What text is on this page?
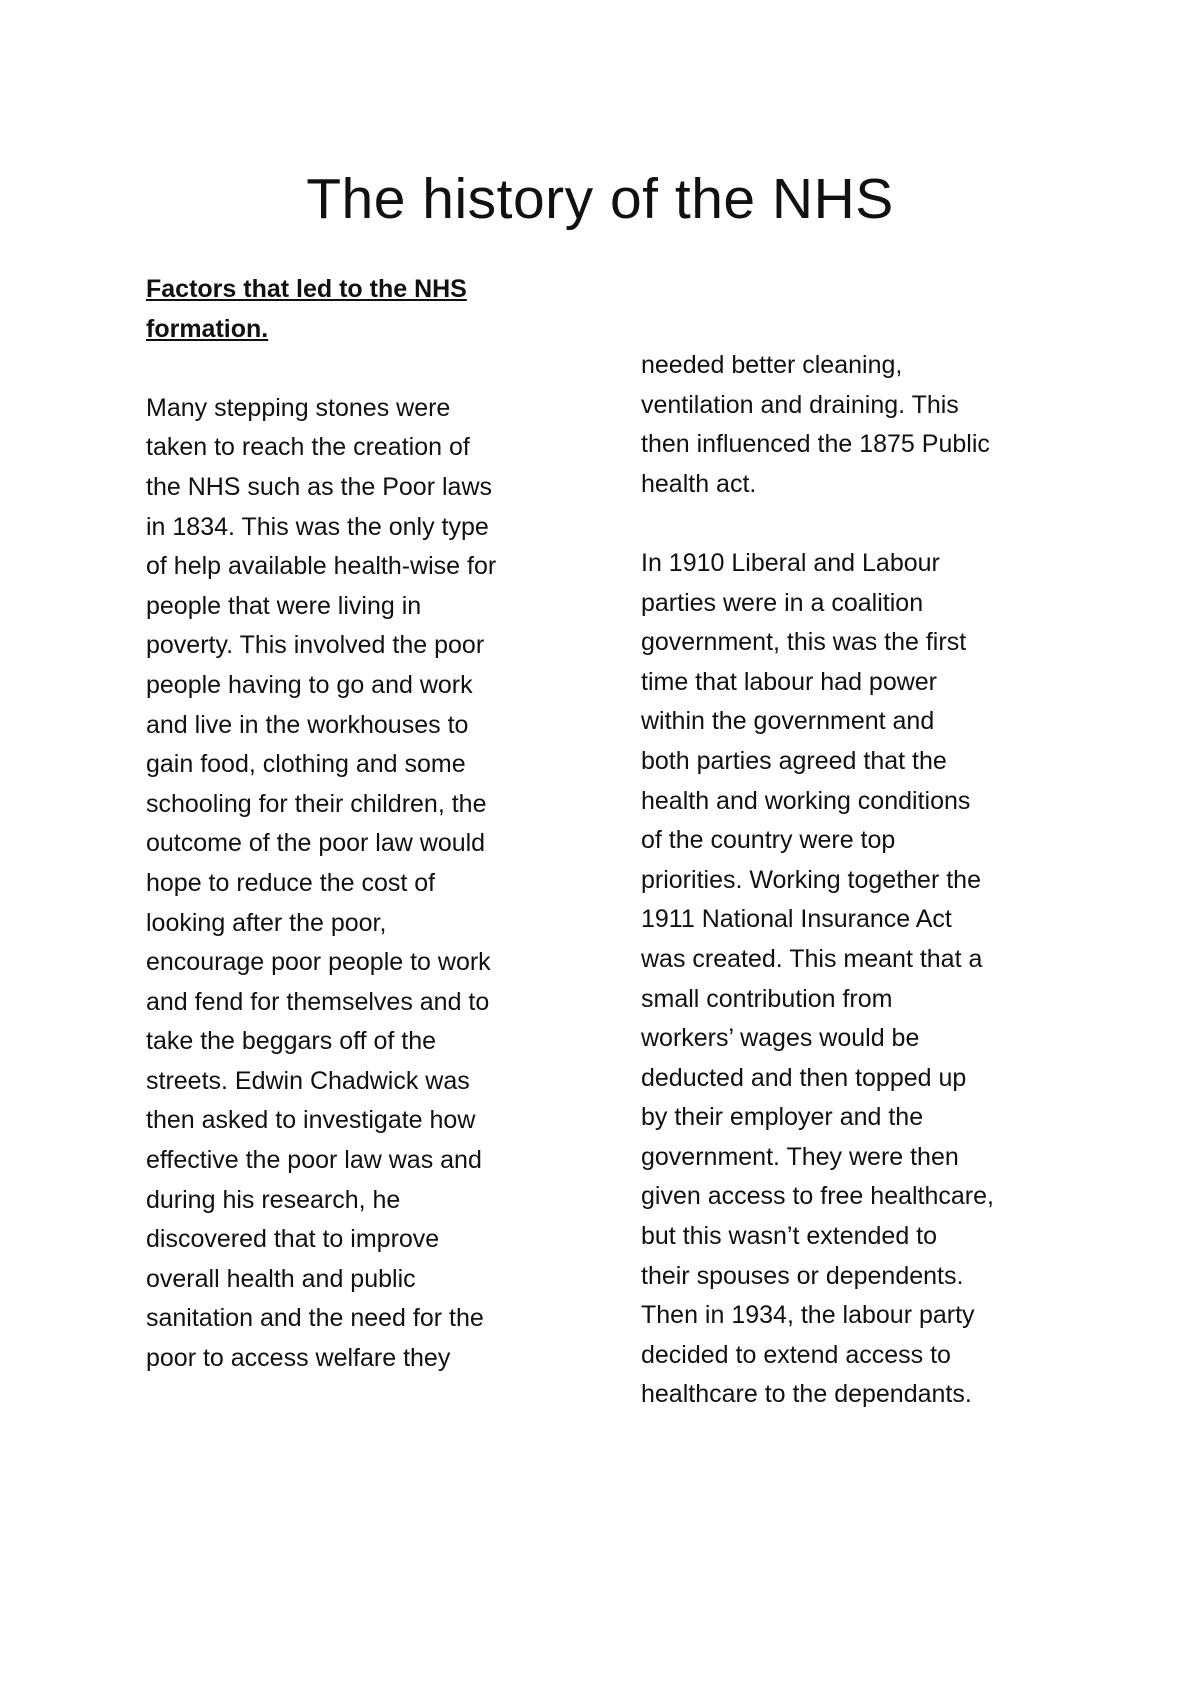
The history of the NHS
Factors that led to the NHS
formation.

Many stepping stones were
taken to reach the creation of
the NHS such as the Poor laws
in 1834. This was the only type
of help available health-wise for
people that were living in
poverty. This involved the poor
people having to go and work
and live in the workhouses to
gain food, clothing and some
schooling for their children, the
outcome of the poor law would
hope to reduce the cost of
looking after the poor,
encourage poor people to work
and fend for themselves and to
take the beggars off of the
streets. Edwin Chadwick was
then asked to investigate how
effective the poor law was and
during his research, he
discovered that to improve
overall health and public
sanitation and the need for the
poor to access welfare they

needed better cleaning,
ventilation and draining. This
then influenced the 1875 Public
health act.

In 1910 Liberal and Labour
parties were in a coalition
government, this was the first
time that labour had power
within the government and
both parties agreed that the
health and working conditions
of the country were top
priorities. Working together the
1911 National Insurance Act
was created. This meant that a
small contribution from
workers’ wages would be
deducted and then topped up
by their employer and the
government. They were then
given access to free healthcare,
but this wasn’t extended to
their spouses or dependents.
Then in 1934, the labour party
decided to extend access to
healthcare to the dependants.
